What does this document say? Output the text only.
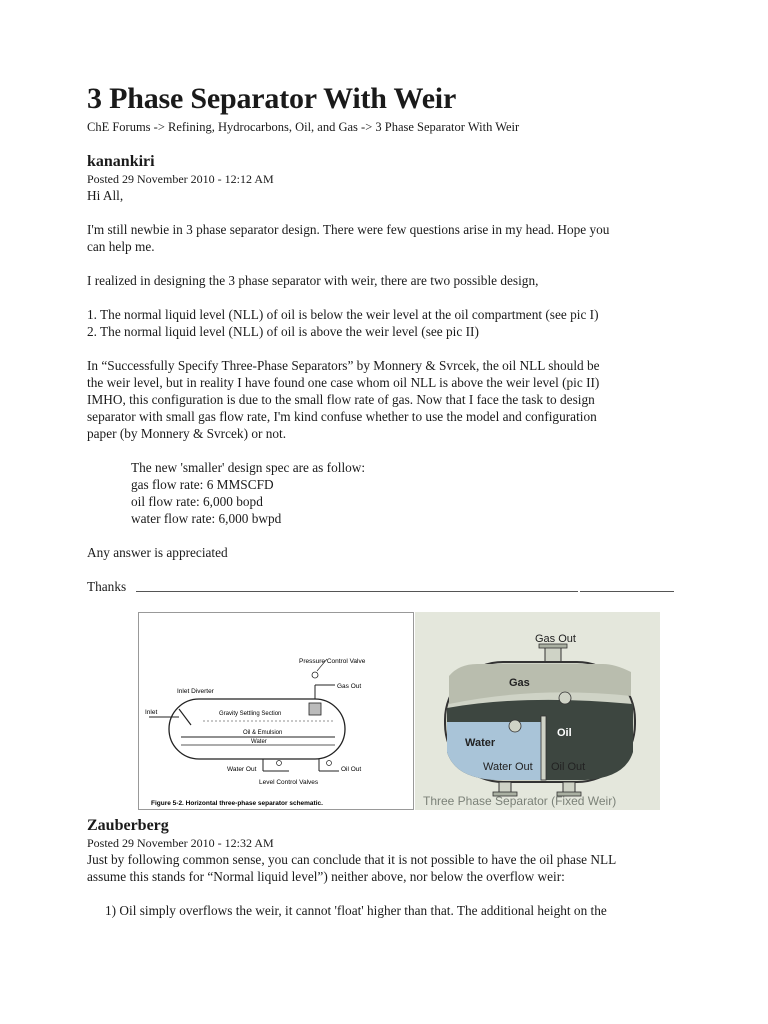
3 Phase Separator With Weir
ChE Forums -> Refining, Hydrocarbons, Oil, and Gas -> 3 Phase Separator With Weir
kanankiri
Posted 29 November 2010 - 12:12 AM
Hi All,
I'm still newbie in 3 phase separator design. There were few questions arise in my head. Hope you
can help me.
I realized in designing the 3 phase separator with weir, there are two possible design,
1. The normal liquid level (NLL) of oil is below the weir level at the oil compartment (see pic I)
2. The normal liquid level (NLL) of oil is above the weir level (see pic II)
In “Successfully Specify Three-Phase Separators” by Monnery & Svrcek, the oil NLL should be
the weir level, but in reality I have found one case whom oil NLL is above the weir level (pic II)
IMHO, this configuration is due to the small flow rate of gas. Now that I face the task to design
separator with small gas flow rate, I'm kind confuse whether to use the model and configuration
paper (by Monnery & Svrcek) or not.
The new 'smaller' design spec are as follow:
gas flow rate: 6 MMSCFD
oil flow rate: 6,000 bopd
water flow rate: 6,000 bwpd
Any answer is appreciated
Thanks
Zauberberg
Posted 29 November 2010 - 12:32 AM
Just by following common sense, you can conclude that it is not possible to have the oil phase NLL
assume this stands for “Normal liquid level”) neither above, nor below the overflow weir:
1) Oil simply overflows the weir, it cannot 'float' higher than that. The additional height on the
Pressure Control Valve
Inlet Diverter
Gas Out
Inlet	Gravity Settling Section
Oil & Emulsion
Water
Water Out	Oil Out
Level Control Valves
Figure 5-2. Horizontal three-phase separator schematic.
Gas Out
Gas
Water
Oil
Water Out Oil Out
Three Phase Separator (Fixed Weir)
